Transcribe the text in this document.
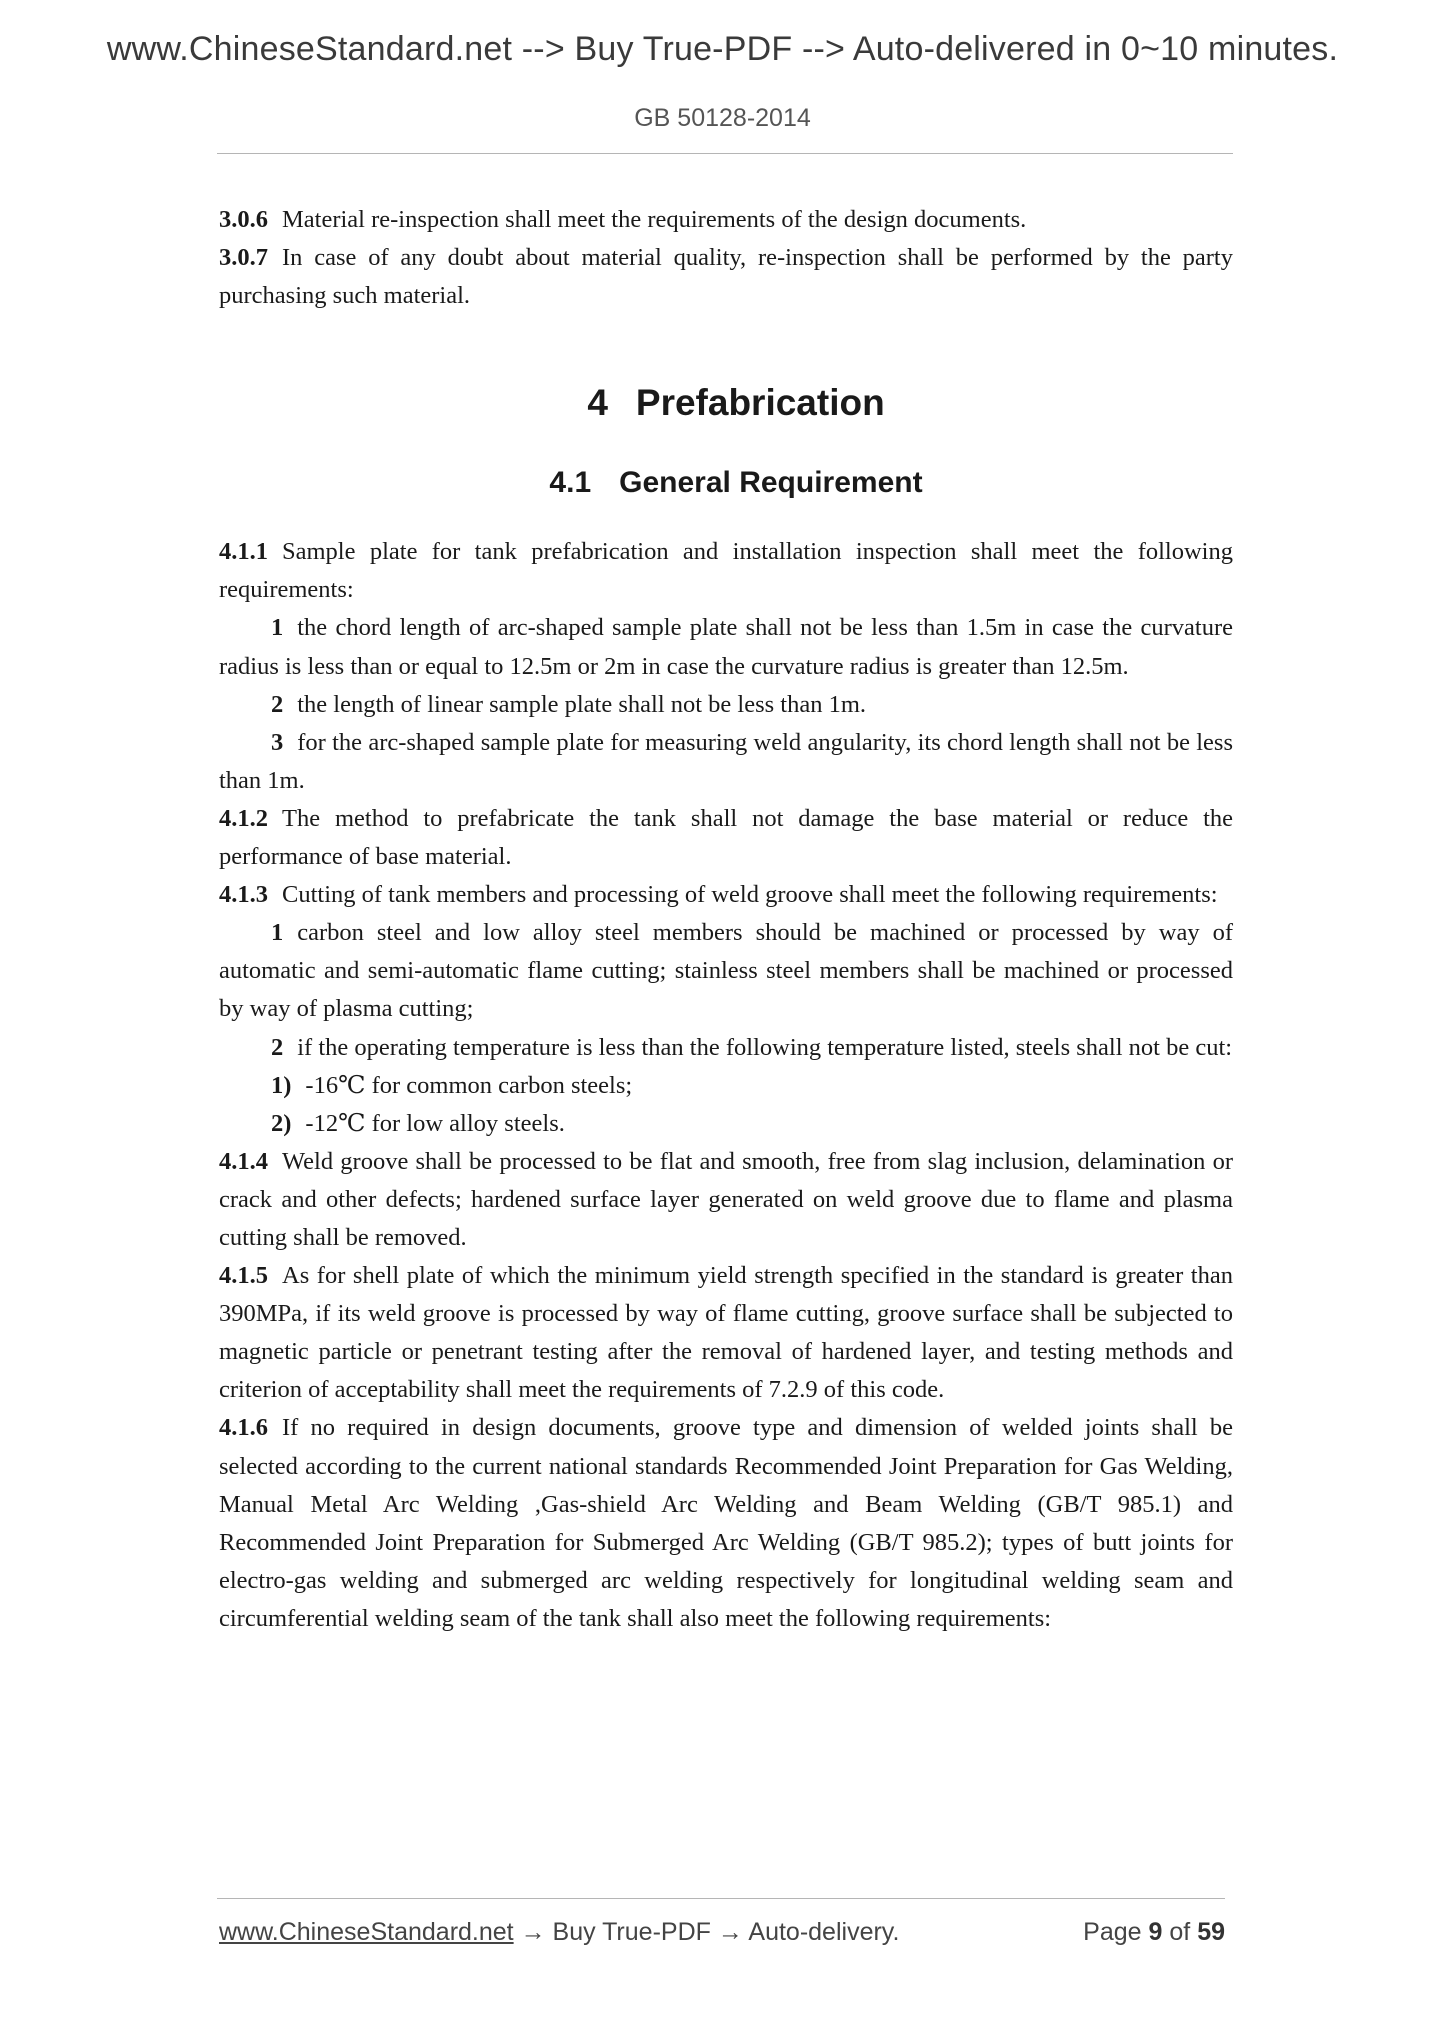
www.ChineseStandard.net --> Buy True-PDF --> Auto-delivered in 0~10 minutes.
GB 50128-2014

3.0.6 Material re-inspection shall meet the requirements of the design documents.

3.0.7 In case of any doubt about material quality, re-inspection shall be performed by the party purchasing such material.

4 Prefabrication

4.1 General Requirement

4.1.1 Sample plate for tank prefabrication and installation inspection shall meet the following requirements:

1 the chord length of arc-shaped sample plate shall not be less than 1.5m in case the curvature radius is less than or equal to 12.5m or 2m in case the curvature radius is greater than 12.5m.

2 the length of linear sample plate shall not be less than 1m.

3 for the arc-shaped sample plate for measuring weld angularity, its chord length shall not be less than 1m.

4.1.2 The method to prefabricate the tank shall not damage the base material or reduce the performance of base material.

4.1.3 Cutting of tank members and processing of weld groove shall meet the following requirements:

1 carbon steel and low alloy steel members should be machined or processed by way of automatic and semi-automatic flame cutting; stainless steel members shall be machined or processed by way of plasma cutting;

2 if the operating temperature is less than the following temperature listed, steels shall not be cut:

1) -16℃ for common carbon steels;

2) -12℃ for low alloy steels.

4.1.4 Weld groove shall be processed to be flat and smooth, free from slag inclusion, delamination or crack and other defects; hardened surface layer generated on weld groove due to flame and plasma cutting shall be removed.

4.1.5 As for shell plate of which the minimum yield strength specified in the standard is greater than 390MPa, if its weld groove is processed by way of flame cutting, groove surface shall be subjected to magnetic particle or penetrant testing after the removal of hardened layer, and testing methods and criterion of acceptability shall meet the requirements of 7.2.9 of this code.

4.1.6 If no required in design documents, groove type and dimension of welded joints shall be selected according to the current national standards Recommended Joint Preparation for Gas Welding, Manual Metal Arc Welding ,Gas-shield Arc Welding and Beam Welding (GB/T 985.1) and Recommended Joint Preparation for Submerged Arc Welding (GB/T 985.2); types of butt joints for electro-gas welding and submerged arc welding respectively for longitudinal welding seam and circumferential welding seam of the tank shall also meet the following requirements:

www.ChineseStandard.net → Buy True-PDF → Auto-delivery.	Page 9 of 59
